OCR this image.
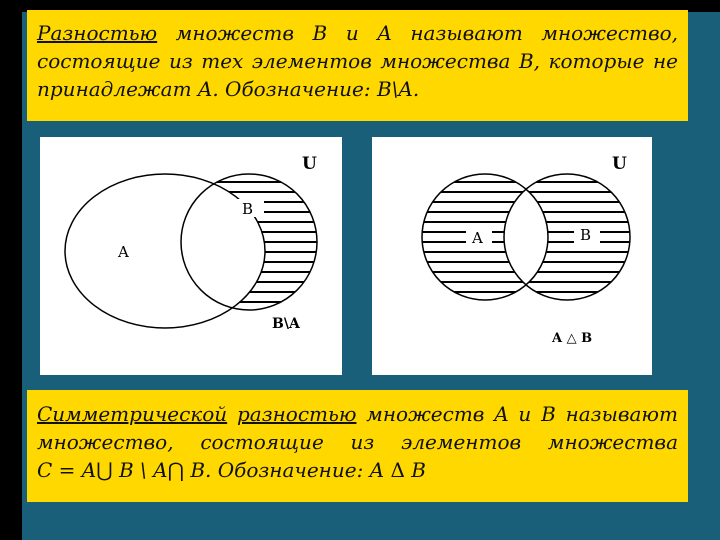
Разностью множеств B и A называют множество,
состоящие из тех элементов множества B, которые не
принадлежат A. Обозначение: B\A.
B
A
U
B\A
A	B
U
A △ B
Симметрической разностью множеств A и B называют
множество, состоящие из элементов множества
C = A⋃ B \ A⋂ B. Обозначение: A Δ B
